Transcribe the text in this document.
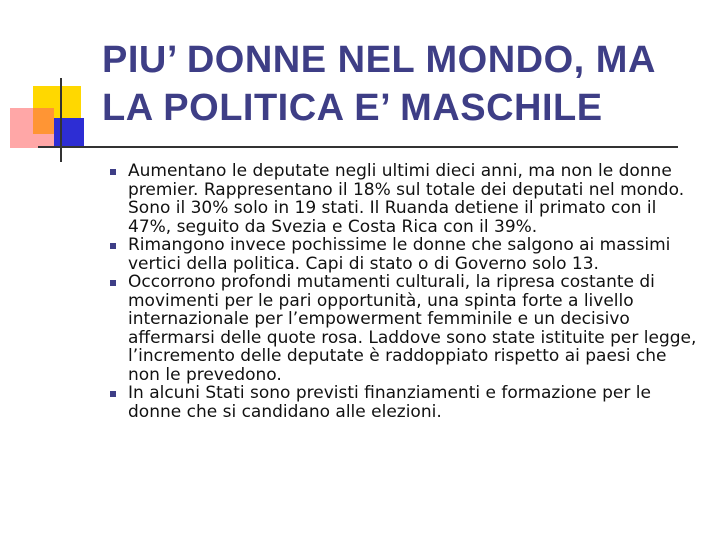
PIU’ DONNE NEL MONDO, MA LA POLITICA E’ MASCHILE
Aumentano le deputate negli ultimi dieci anni, ma non le donne premier. Rappresentano il 18% sul totale dei deputati nel mondo. Sono il 30% solo in 19 stati. Il Ruanda detiene il primato con il 47%, seguito da Svezia e Costa Rica con il 39%.
Rimangono invece pochissime le donne che salgono ai massimi vertici della politica. Capi di stato o di Governo solo 13.
Occorrono profondi mutamenti culturali, la ripresa costante di movimenti per le pari opportunità, una spinta forte a livello internazionale per l’empowerment femminile e un decisivo affermarsi delle quote rosa. Laddove sono state istituite per legge, l’incremento delle deputate è raddoppiato rispetto ai paesi che non le prevedono.
In alcuni Stati sono previsti finanziamenti e formazione per le donne che si candidano alle elezioni.
